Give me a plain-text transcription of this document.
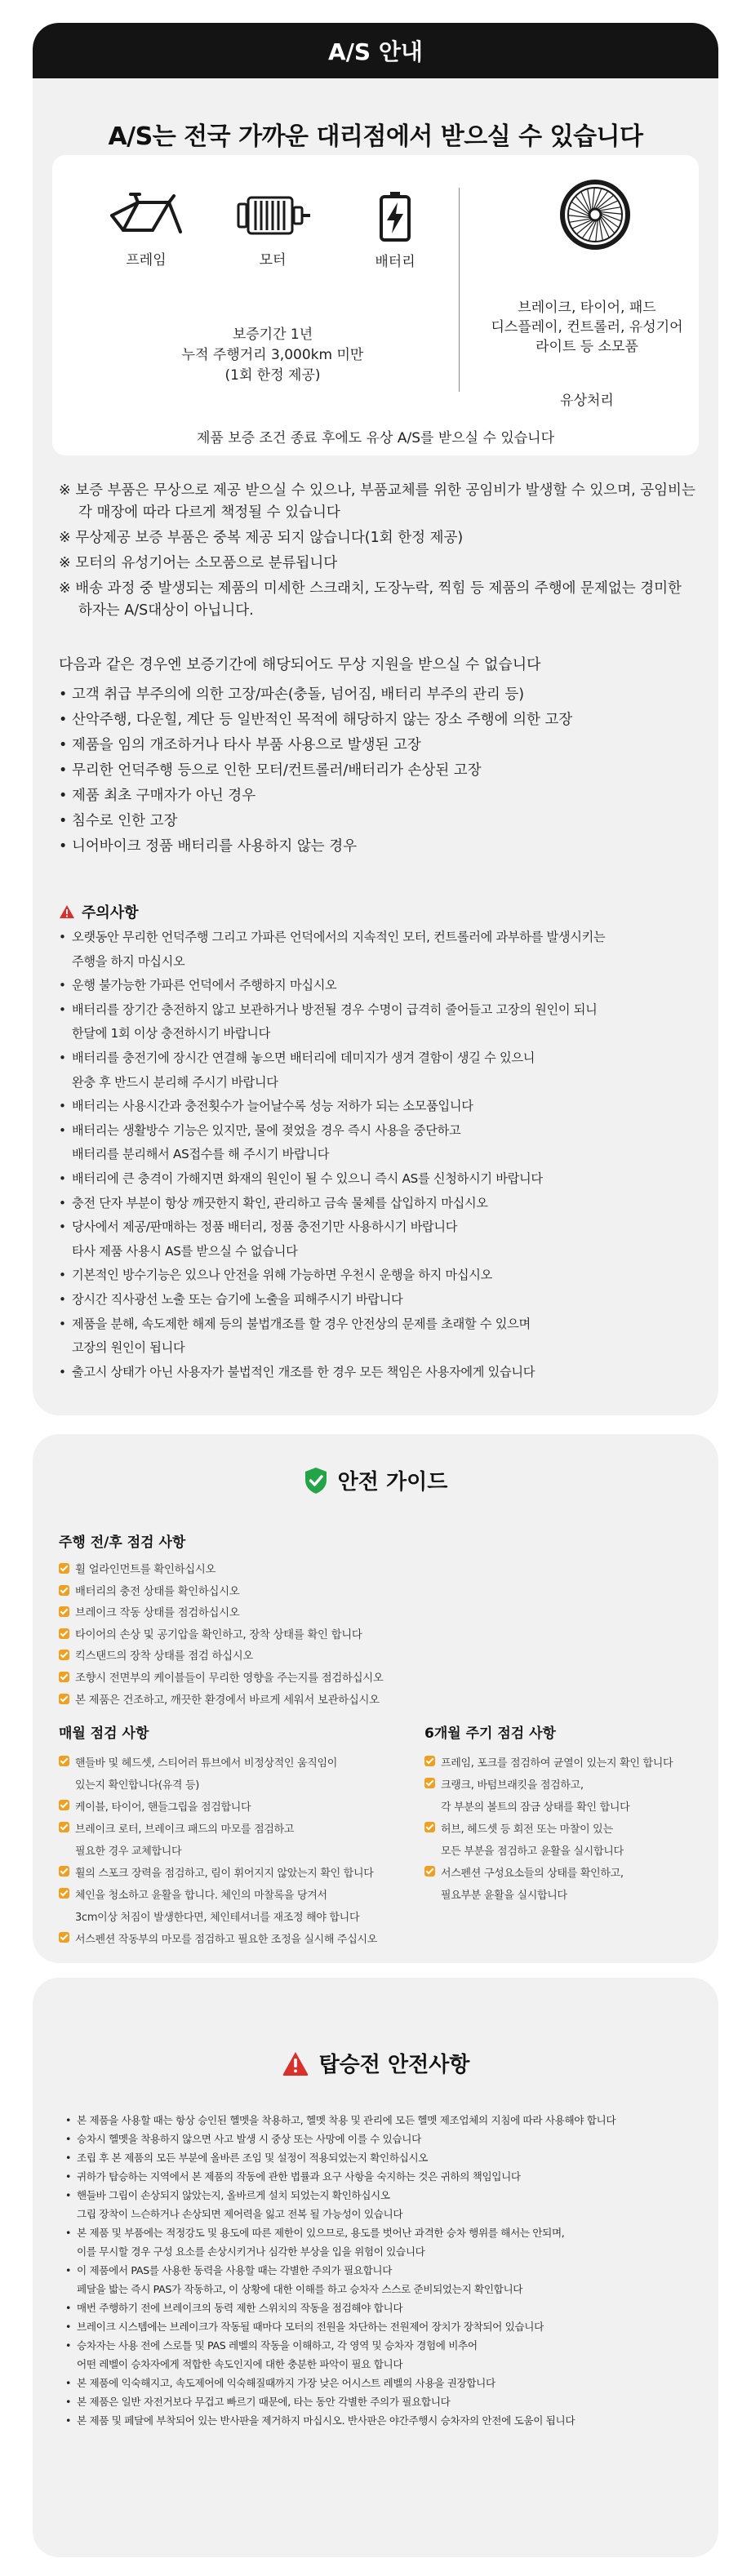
A/S 안내
A/S는 전국 가까운 대리점에서 받으실 수 있습니다
프레임	모터	배터리
보증기간 1년
누적 주행거리 3,000km 미만
(1회 한정 제공)
브레이크, 타이어, 패드
디스플레이, 컨트롤러, 유성기어
라이트 등 소모품
유상처리
제품 보증 조건 종료 후에도 유상 A/S를 받으실 수 있습니다
※ 보증 부품은 무상으로 제공 받으실 수 있으나, 부품교체를 위한 공임비가 발생할 수 있으며, 공임비는 각 매장에 따라 다르게 책정될 수 있습니다
※ 무상제공 보증 부품은 중복 제공 되지 않습니다(1회 한정 제공)
※ 모터의 유성기어는 소모품으로 분류됩니다
※ 배송 과정 중 발생되는 제품의 미세한 스크래치, 도장누락, 찍힘 등 제품의 주행에 문제없는 경미한 하자는 A/S대상이 아닙니다.
다음과 같은 경우엔 보증기간에 해당되어도 무상 지원을 받으실 수 없습니다
• 고객 취급 부주의에 의한 고장/파손(충돌, 넘어짐, 배터리 부주의 관리 등)
• 산악주행, 다운힐, 계단 등 일반적인 목적에 해당하지 않는 장소 주행에 의한 고장
• 제품을 임의 개조하거나 타사 부품 사용으로 발생된 고장
• 무리한 언덕주행 등으로 인한 모터/컨트롤러/배터리가 손상된 고장
• 제품 최초 구매자가 아닌 경우
• 침수로 인한 고장
• 니어바이크 정품 배터리를 사용하지 않는 경우
주의사항
• 오랫동안 무리한 언덕주행 그리고 가파른 언덕에서의 지속적인 모터, 컨트롤러에 과부하를 발생시키는
주행을 하지 마십시오
• 운행 불가능한 가파른 언덕에서 주행하지 마십시오
• 배터리를 장기간 충전하지 않고 보관하거나 방전될 경우 수명이 급격히 줄어들고 고장의 원인이 되니
한달에 1회 이상 충전하시기 바랍니다
• 배터리를 충전기에 장시간 연결해 놓으면 배터리에 데미지가 생겨 결함이 생길 수 있으니
완충 후 반드시 분리해 주시기 바랍니다
• 배터리는 사용시간과 충전횟수가 늘어날수록 성능 저하가 되는 소모품입니다
• 배터리는 생활방수 기능은 있지만, 물에 젖었을 경우 즉시 사용을 중단하고
배터리를 분리해서 AS접수를 해 주시기 바랍니다
• 배터리에 큰 충격이 가해지면 화재의 원인이 될 수 있으니 즉시 AS를 신청하시기 바랍니다
• 충전 단자 부분이 항상 깨끗한지 확인, 관리하고 금속 물체를 삽입하지 마십시오
• 당사에서 제공/판매하는 정품 배터리, 정품 충전기만 사용하시기 바랍니다
타사 제품 사용시 AS를 받으실 수 없습니다
• 기본적인 방수기능은 있으나 안전을 위해 가능하면 우천시 운행을 하지 마십시오
• 장시간 직사광선 노출 또는 습기에 노출을 피해주시기 바랍니다
• 제품을 분해, 속도제한 해제 등의 불법개조를 할 경우 안전상의 문제를 초래할 수 있으며
고장의 원인이 됩니다
• 출고시 상태가 아닌 사용자가 불법적인 개조를 한 경우 모든 책임은 사용자에게 있습니다
안전 가이드
주행 전/후 점검 사항
휠 얼라인먼트를 확인하십시오
배터리의 충전 상태를 확인하십시오
브레이크 작동 상태를 점검하십시오
타이어의 손상 및 공기압을 확인하고, 장착 상태를 확인 합니다
킥스탠드의 장착 상태를 점검 하십시오
조향시 전면부의 케이블들이 무리한 영향을 주는지를 점검하십시오
본 제품은 건조하고, 깨끗한 환경에서 바르게 세워서 보관하십시오
매월 점검 사항
핸들바 및 헤드셋, 스티어러 튜브에서 비정상적인 움직임이
있는지 확인합니다(유격 등)
케이블, 타이어, 핸들그립을 점검합니다
브레이크 로터, 브레이크 패드의 마모를 점검하고
필요한 경우 교체합니다
휠의 스포크 장력을 점검하고, 림이 휘어지지 않았는지 확인 합니다
체인을 청소하고 윤활을 합니다. 체인의 마찰록을 당겨서
3cm이상 처짐이 발생한다면, 체인테셔너를 재조정 해야 합니다
서스펜션 작동부의 마모를 점검하고 필요한 조정을 실시해 주십시오
6개월 주기 점검 사항
프레임, 포크를 점검하여 균열이 있는지 확인 합니다
크랭크, 바텀브래킷을 점검하고,
각 부분의 볼트의 잠금 상태를 확인 합니다
허브, 헤드셋 등 회전 또는 마찰이 있는
모든 부분을 점검하고 윤활을 실시합니다
서스펜션 구성요소들의 상태를 확인하고,
필요부분 윤활을 실시합니다
탑승전 안전사항
• 본 제품을 사용할 때는 항상 승인된 헬멧을 착용하고, 헬멧 착용 및 관리에 모든 헬멧 제조업체의 지침에 따라 사용해야 합니다
• 승차시 헬멧을 착용하지 않으면 사고 발생 시 중상 또는 사망에 이를 수 있습니다
• 조립 후 본 제품의 모든 부분에 올바른 조임 및 설정이 적용되었는지 확인하십시오
• 귀하가 탑승하는 지역에서 본 제품의 작동에 관한 법률과 요구 사항을 숙지하는 것은 귀하의 책임입니다
• 핸들바 그립이 손상되지 않았는지, 올바르게 설치 되었는지 확인하십시오
그립 장착이 느슨하거나 손상되면 제어력을 잃고 전복 될 가능성이 있습니다
• 본 제품 및 부품에는 적정강도 및 용도에 따른 제한이 있으므로, 용도를 벗어난 과격한 승차 행위를 해서는 안되며,
이를 무시할 경우 구성 요소를 손상시키거나 심각한 부상을 입을 위험이 있습니다
• 이 제품에서 PAS를 사용한 동력을 사용할 때는 각별한 주의가 필요합니다
페달을 밟는 즉시 PAS가 작동하고, 이 상황에 대한 이해를 하고 승차자 스스로 준비되었는지 확인합니다
• 매번 주행하기 전에 브레이크의 동력 제한 스위치의 작동을 점검해야 합니다
• 브레이크 시스템에는 브레이크가 작동될 때마다 모터의 전원을 차단하는 전원제어 장치가 장착되어 있습니다
• 승차자는 사용 전에 스로틀 및 PAS 레벨의 작동을 이해하고, 각 영역 및 승차자 경험에 비추어
어떤 레벨이 승차자에게 적합한 속도인지에 대한 충분한 파악이 필요 합니다
• 본 제품에 익숙해지고, 속도제어에 익숙해질때까지 가장 낮은 어시스트 레벨의 사용을 권장합니다
• 본 제품은 일반 자전거보다 무겁고 빠르기 때문에, 타는 동안 각별한 주의가 필요합니다
• 본 제품 및 페달에 부착되어 있는 반사판을 제거하지 마십시오. 반사판은 야간주행시 승차자의 안전에 도움이 됩니다
